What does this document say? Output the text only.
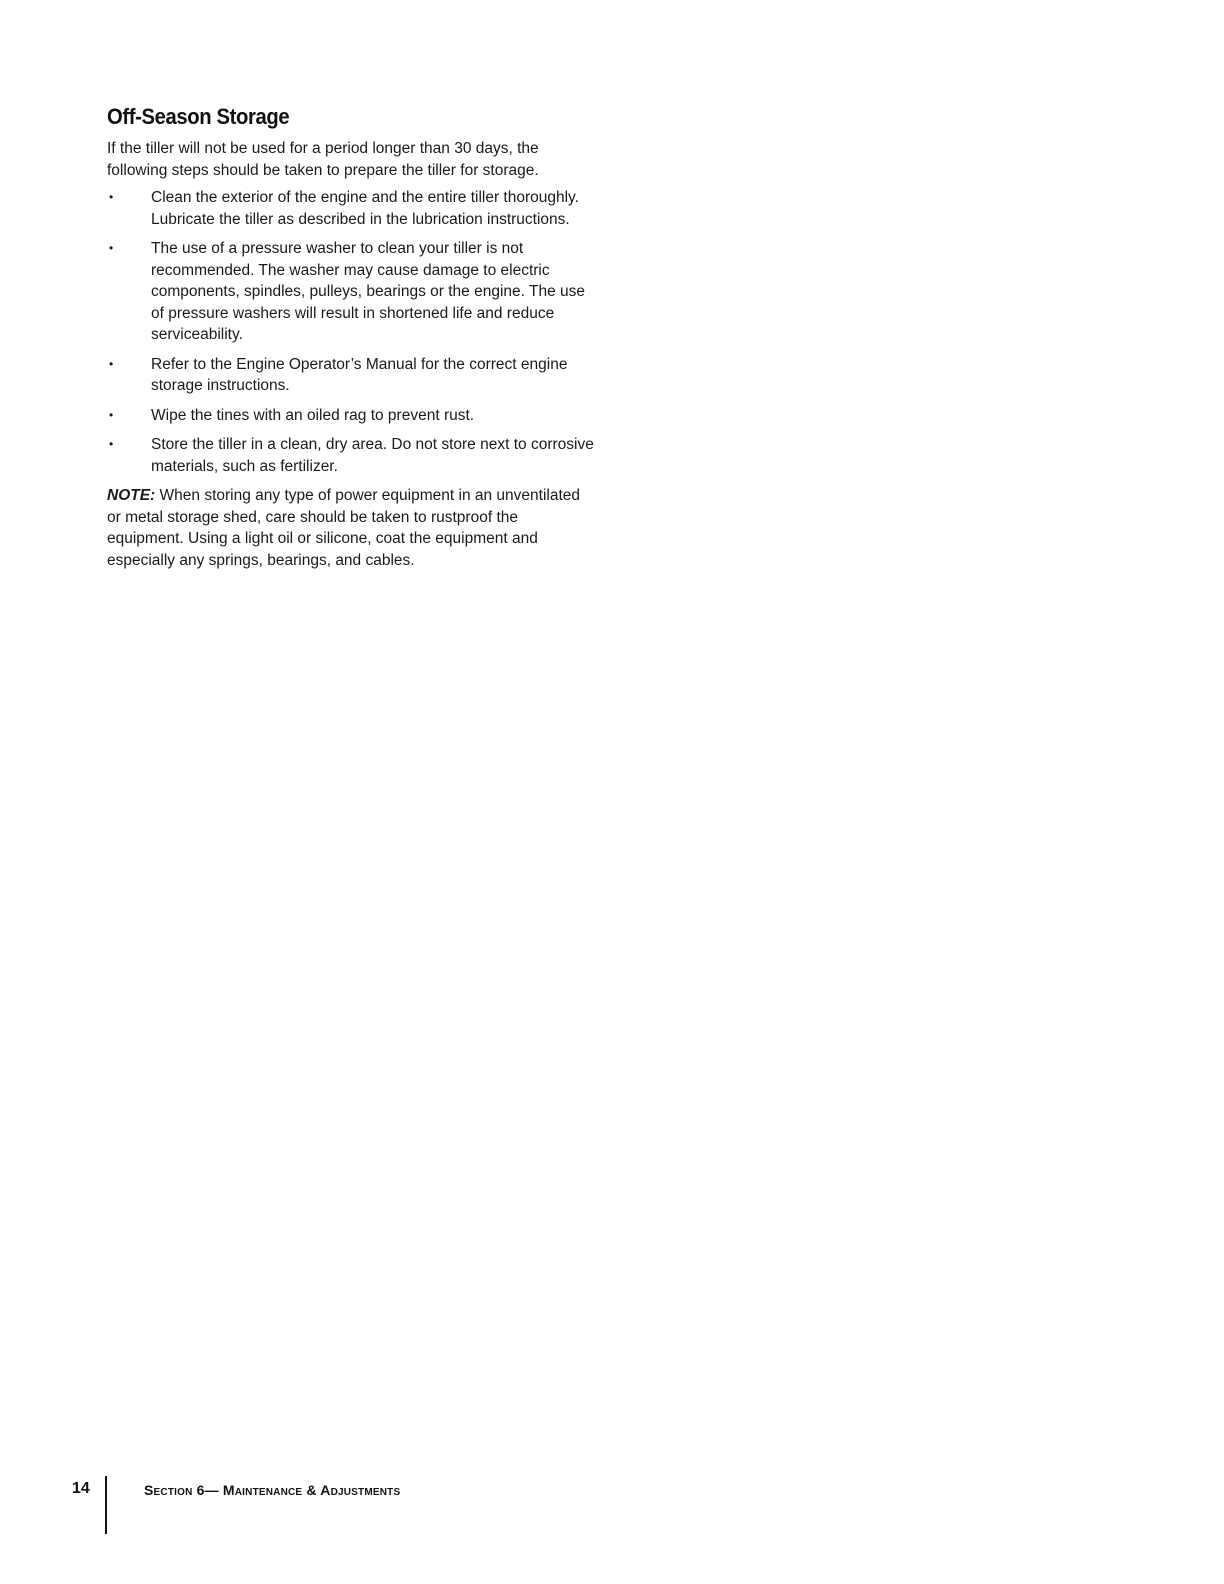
Off-Season Storage

If the tiller will not be used for a period longer than 30 days, the following steps should be taken to prepare the tiller for storage.

• Clean the exterior of the engine and the entire tiller thoroughly. Lubricate the tiller as described in the lubrication instructions.
• The use of a pressure washer to clean your tiller is not recommended. The washer may cause damage to electric components, spindles, pulleys, bearings or the engine. The use of pressure washers will result in shortened life and reduce serviceability.
• Refer to the Engine Operator’s Manual for the correct engine storage instructions.
• Wipe the tines with an oiled rag to prevent rust.
• Store the tiller in a clean, dry area. Do not store next to corrosive materials, such as fertilizer.

NOTE: When storing any type of power equipment in an unventilated or metal storage shed, care should be taken to rustproof the equipment. Using a light oil or silicone, coat the equipment and especially any springs, bearings, and cables.

14	Section 6— Maintenance & Adjustments
